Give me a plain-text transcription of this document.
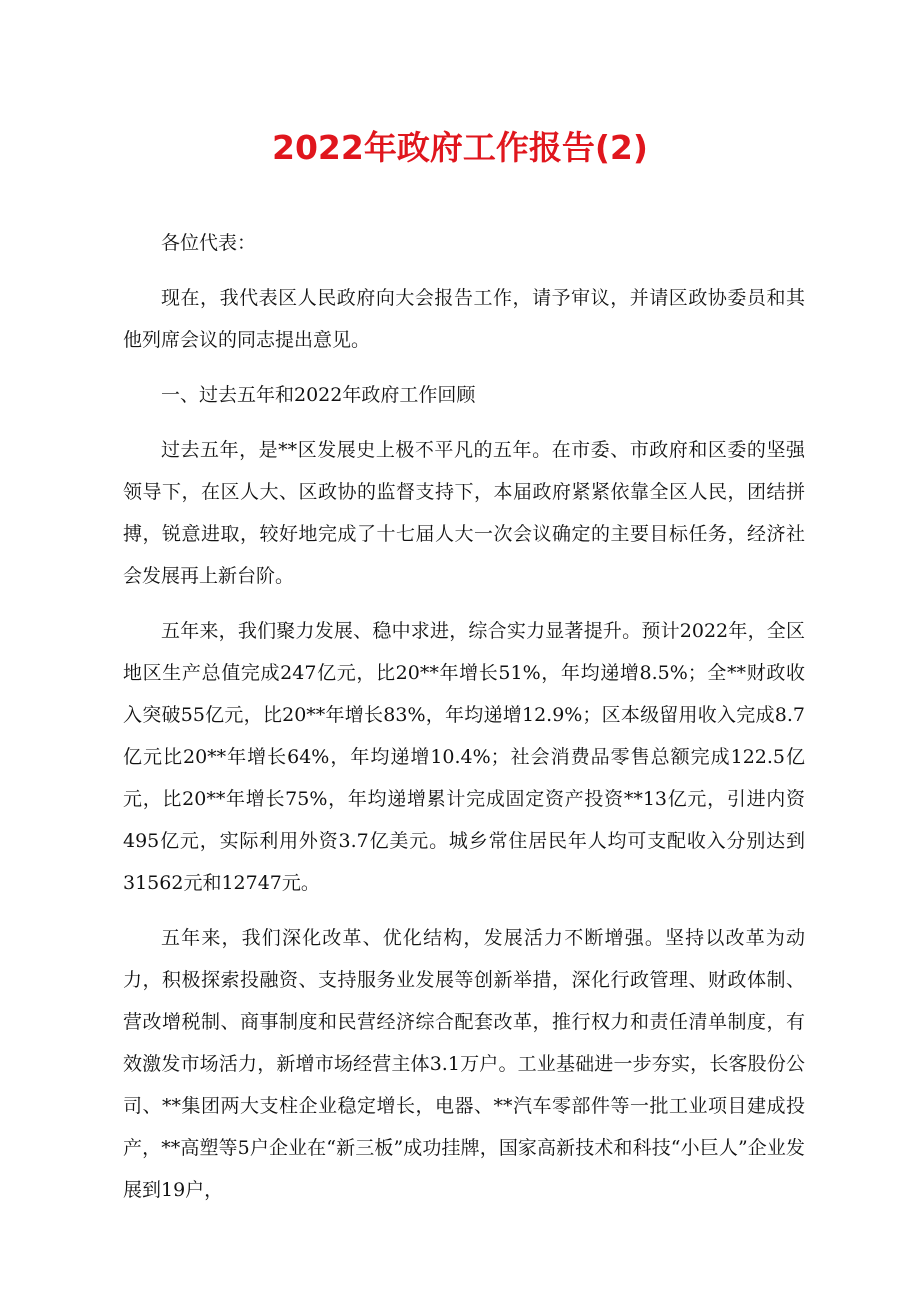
2022年政府工作报告(2)

各位代表：

现在，我代表区人民政府向大会报告工作，请予审议，并请区政协委员和其他列席会议的同志提出意见。

一、过去五年和2022年政府工作回顾

过去五年，是**区发展史上极不平凡的五年。在市委、市政府和区委的坚强领导下，在区人大、区政协的监督支持下，本届政府紧紧依靠全区人民，团结拼搏，锐意进取，较好地完成了十七届人大一次会议确定的主要目标任务，经济社会发展再上新台阶。

五年来，我们聚力发展、稳中求进，综合实力显著提升。预计2022年，全区地区生产总值完成247亿元，比20**年增长51%，年均递增8.5%；全**财政收入突破55亿元，比20**年增长83%，年均递增12.9%；区本级留用收入完成8.7亿元比20**年增长64%，年均递增10.4%；社会消费品零售总额完成122.5亿元，比20**年增长75%，年均递增累计完成固定资产投资**13亿元，引进内资495亿元，实际利用外资3.7亿美元。城乡常住居民年人均可支配收入分别达到31562元和12747元。

五年来，我们深化改革、优化结构，发展活力不断增强。坚持以改革为动力，积极探索投融资、支持服务业发展等创新举措，深化行政管理、财政体制、营改增税制、商事制度和民营经济综合配套改革，推行权力和责任清单制度，有效激发市场活力，新增市场经营主体3.1万户。工业基础进一步夯实，长客股份公司、**集团两大支柱企业稳定增长，电器、**汽车零部件等一批工业项目建成投产，**高塑等5户企业在“新三板”成功挂牌，国家高新技术和科技“小巨人”企业发展到19户，
